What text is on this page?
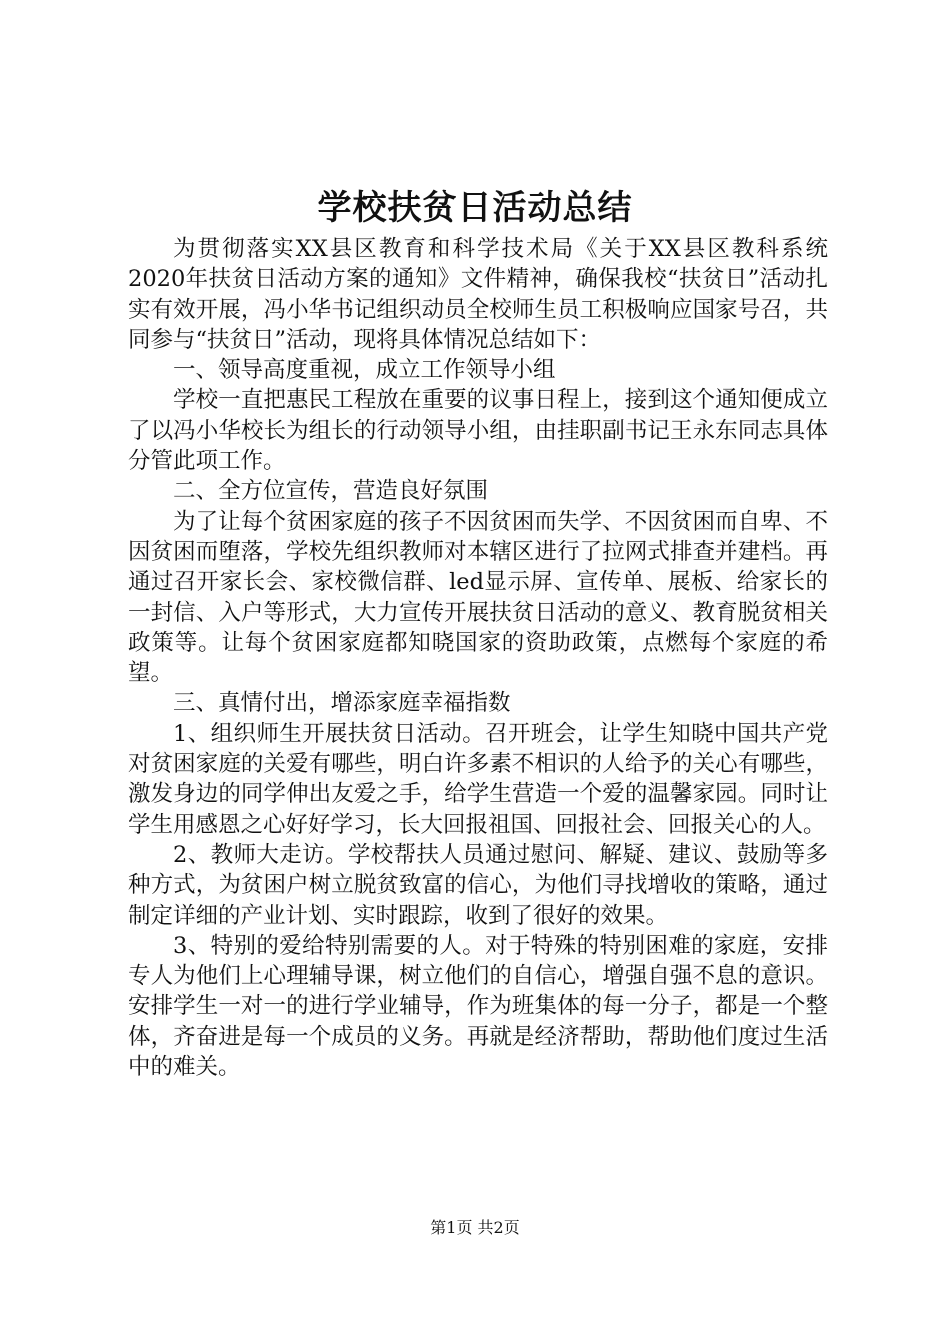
学校扶贫日活动总结

为贯彻落实XX县区教育和科学技术局《关于XX县区教科系统2020年扶贫日活动方案的通知》文件精神，确保我校“扶贫日”活动扎实有效开展，冯小华书记组织动员全校师生员工积极响应国家号召，共同参与“扶贫日”活动，现将具体情况总结如下：

一、领导高度重视，成立工作领导小组

学校一直把惠民工程放在重要的议事日程上，接到这个通知便成立了以冯小华校长为组长的行动领导小组，由挂职副书记王永东同志具体分管此项工作。

二、全方位宣传，营造良好氛围

为了让每个贫困家庭的孩子不因贫困而失学、不因贫困而自卑、不因贫困而堕落，学校先组织教师对本辖区进行了拉网式排查并建档。再通过召开家长会、家校微信群、led显示屏、宣传单、展板、给家长的一封信、入户等形式，大力宣传开展扶贫日活动的意义、教育脱贫相关政策等。让每个贫困家庭都知晓国家的资助政策，点燃每个家庭的希望。

三、真情付出，增添家庭幸福指数

1、组织师生开展扶贫日活动。召开班会，让学生知晓中国共产党对贫困家庭的关爱有哪些，明白许多素不相识的人给予的关心有哪些，激发身边的同学伸出友爱之手，给学生营造一个爱的温馨家园。同时让学生用感恩之心好好学习，长大回报祖国、回报社会、回报关心的人。

2、教师大走访。学校帮扶人员通过慰问、解疑、建议、鼓励等多种方式，为贫困户树立脱贫致富的信心，为他们寻找增收的策略，通过制定详细的产业计划、实时跟踪，收到了很好的效果。

3、特别的爱给特别需要的人。对于特殊的特别困难的家庭，安排专人为他们上心理辅导课，树立他们的自信心，增强自强不息的意识。安排学生一对一的进行学业辅导，作为班集体的每一分子，都是一个整体，齐奋进是每一个成员的义务。再就是经济帮助，帮助他们度过生活中的难关。

第1页 共2页
